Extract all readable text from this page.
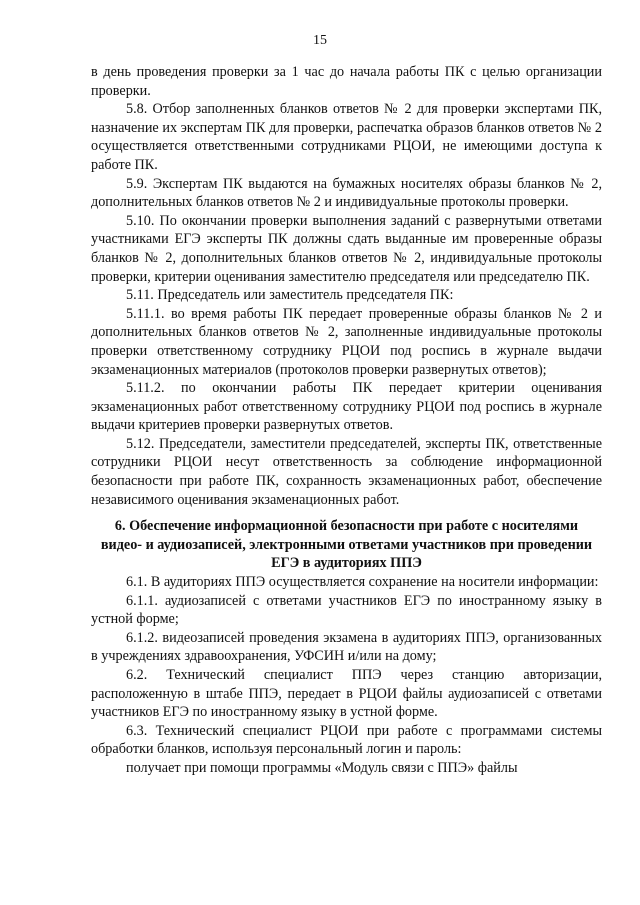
15

в день проведения проверки за 1 час до начала работы ПК с целью организации проверки.

5.8. Отбор заполненных бланков ответов № 2 для проверки экспертами ПК, назначение их экспертам ПК для проверки, распечатка образов бланков ответов № 2 осуществляется ответственными сотрудниками РЦОИ, не имеющими доступа к работе ПК.

5.9. Экспертам ПК выдаются на бумажных носителях образы бланков № 2, дополнительных бланков ответов № 2 и индивидуальные протоколы проверки.

5.10. По окончании проверки выполнения заданий с развернутыми ответами участниками ЕГЭ эксперты ПК должны сдать выданные им проверенные образы бланков № 2, дополнительных бланков ответов № 2, индивидуальные протоколы проверки, критерии оценивания заместителю председателя или председателю ПК.

5.11. Председатель или заместитель председателя ПК:

5.11.1. во время работы ПК передает проверенные образы бланков № 2 и дополнительных бланков ответов № 2, заполненные индивидуальные протоколы проверки ответственному сотруднику РЦОИ под роспись в журнале выдачи экзаменационных материалов (протоколов проверки развернутых ответов);

5.11.2. по окончании работы ПК передает критерии оценивания экзаменационных работ ответственному сотруднику РЦОИ под роспись в журнале выдачи критериев проверки развернутых ответов.

5.12. Председатели, заместители председателей, эксперты ПК, ответственные сотрудники РЦОИ несут ответственность за соблюдение информационной безопасности при работе ПК, сохранность экзаменационных работ, обеспечение независимого оценивания экзаменационных работ.

6. Обеспечение информационной безопасности при работе с носителями видео- и аудиозаписей, электронными ответами участников при проведении ЕГЭ в аудиториях ППЭ

6.1. В аудиториях ППЭ осуществляется сохранение на носители информации:

6.1.1. аудиозаписей с ответами участников ЕГЭ по иностранному языку в устной форме;

6.1.2. видеозаписей проведения экзамена в аудиториях ППЭ, организованных в учреждениях здравоохранения, УФСИН и/или на дому;

6.2. Технический специалист ППЭ через станцию авторизации, расположенную в штабе ППЭ, передает в РЦОИ файлы аудиозаписей с ответами участников ЕГЭ по иностранному языку в устной форме.

6.3. Технический специалист РЦОИ при работе с программами системы обработки бланков, используя персональный логин и пароль:

получает при помощи программы «Модуль связи с ППЭ» файлы
